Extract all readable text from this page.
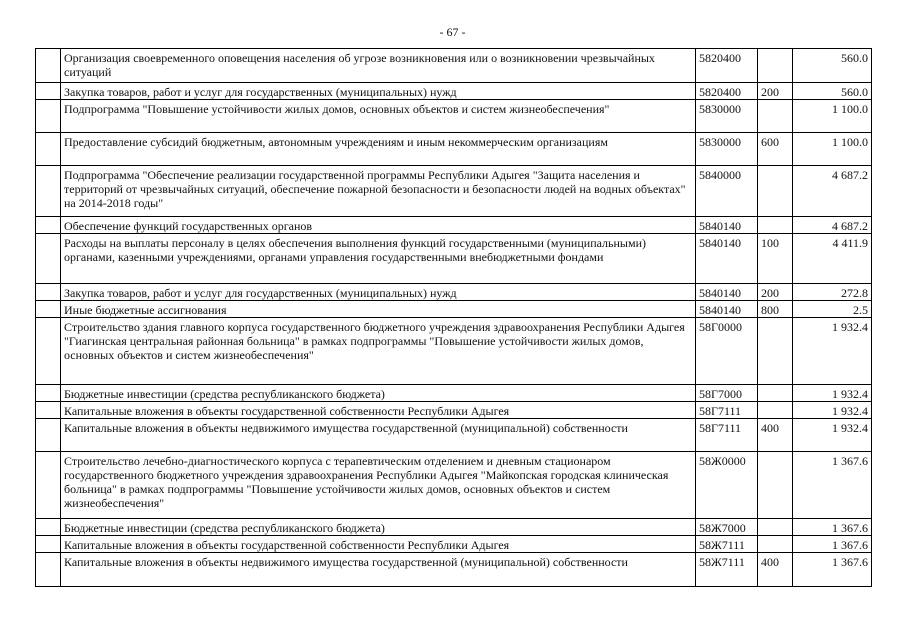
- 67 -
	Организация своевременного оповещения населения об угрозе возникновения или о возникновении чрезвычайных ситуаций	5820400		560.0
	Закупка товаров, работ и услуг для государственных (муниципальных) нужд	5820400	200	560.0
	Подпрограмма "Повышение устойчивости жилых домов, основных объектов и систем жизнеобеспечения"	5830000		1 100.0
	Предоставление субсидий бюджетным, автономным учреждениям и иным некоммерческим организациям	5830000	600	1 100.0
	Подпрограмма "Обеспечение реализации государственной программы Республики Адыгея "Защита населения и территорий от чрезвычайных ситуаций, обеспечение пожарной безопасности и безопасности людей на водных объектах" на 2014-2018 годы"	5840000		4 687.2
	Обеспечение функций государственных органов	5840140		4 687.2
	Расходы на выплаты персоналу в целях обеспечения выполнения функций государственными (муниципальными) органами, казенными учреждениями, органами управления государственными внебюджетными фондами	5840140	100	4 411.9
	Закупка товаров, работ и услуг для государственных (муниципальных) нужд	5840140	200	272.8
	Иные бюджетные ассигнования	5840140	800	2.5
	Строительство здания главного корпуса государственного бюджетного учреждения здравоохранения Республики Адыгея "Гиагинская центральная районная больница" в рамках подпрограммы "Повышение устойчивости жилых домов, основных объектов и систем жизнеобеспечения"	58Г0000		1 932.4
	Бюджетные инвестиции (средства республиканского бюджета)	58Г7000		1 932.4
	Капитальные вложения в объекты государственной собственности Республики Адыгея	58Г7111		1 932.4
	Капитальные вложения в объекты недвижимого имущества государственной (муниципальной) собственности	58Г7111	400	1 932.4
	Строительство лечебно-диагностического корпуса с терапевтическим отделением и дневным стационаром государственного бюджетного учреждения здравоохранения Республики Адыгея "Майкопская городская клиническая больница" в рамках подпрограммы "Повышение устойчивости жилых домов, основных объектов и систем жизнеобеспечения"	58Ж0000		1 367.6
	Бюджетные инвестиции (средства республиканского бюджета)	58Ж7000		1 367.6
	Капитальные вложения в объекты государственной собственности Республики Адыгея	58Ж7111		1 367.6
	Капитальные вложения в объекты недвижимого имущества государственной (муниципальной) собственности	58Ж7111	400	1 367.6
